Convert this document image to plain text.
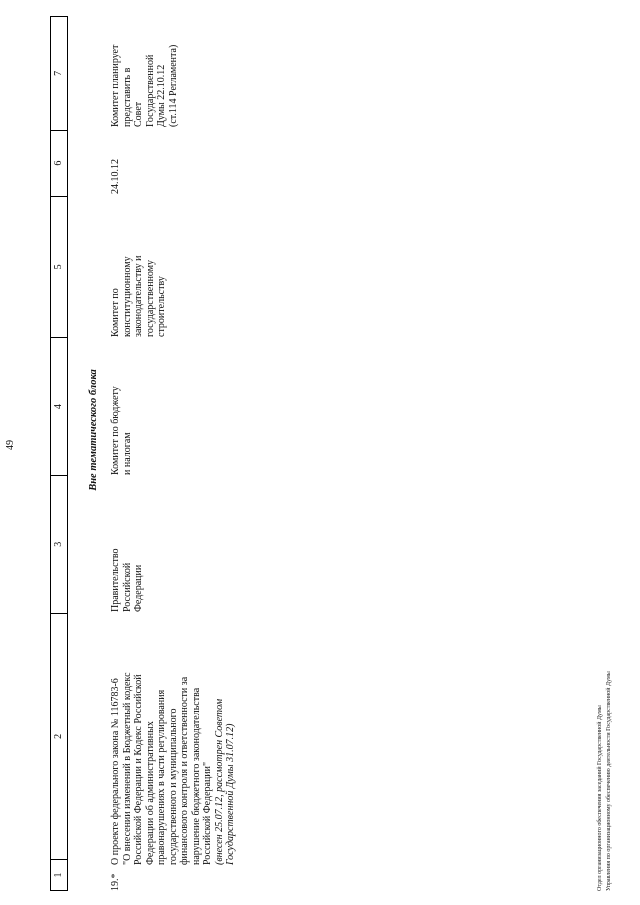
49
1
2
3
4
5
6
7
Вне тематического блока
19.*
О проекте федерального закона № 116783-6 "О внесении изменений в Бюджетный кодекс Российской Федерации и Кодекс Российской Федерации об административных правонарушениях в части регулирования государственного и муниципального финансового контроля и ответственности за нарушение бюджетного законодательства Российской Федерации" (внесен 25.07.12, рассмотрен Советом Государственной Думы 31.07.12)
Правительство Российской Федерации
Комитет по бюджету и налогам
Комитет по конституционному законодательству и государственному строительству
24.10.12
Комитет планирует представить в Совет Государственной Думы 22.10.12 (ст.114 Регламента)
Отдел организационного обеспечения заседаний Государственной Думы Управления по организационному обеспечению деятельности Государственной Думы
